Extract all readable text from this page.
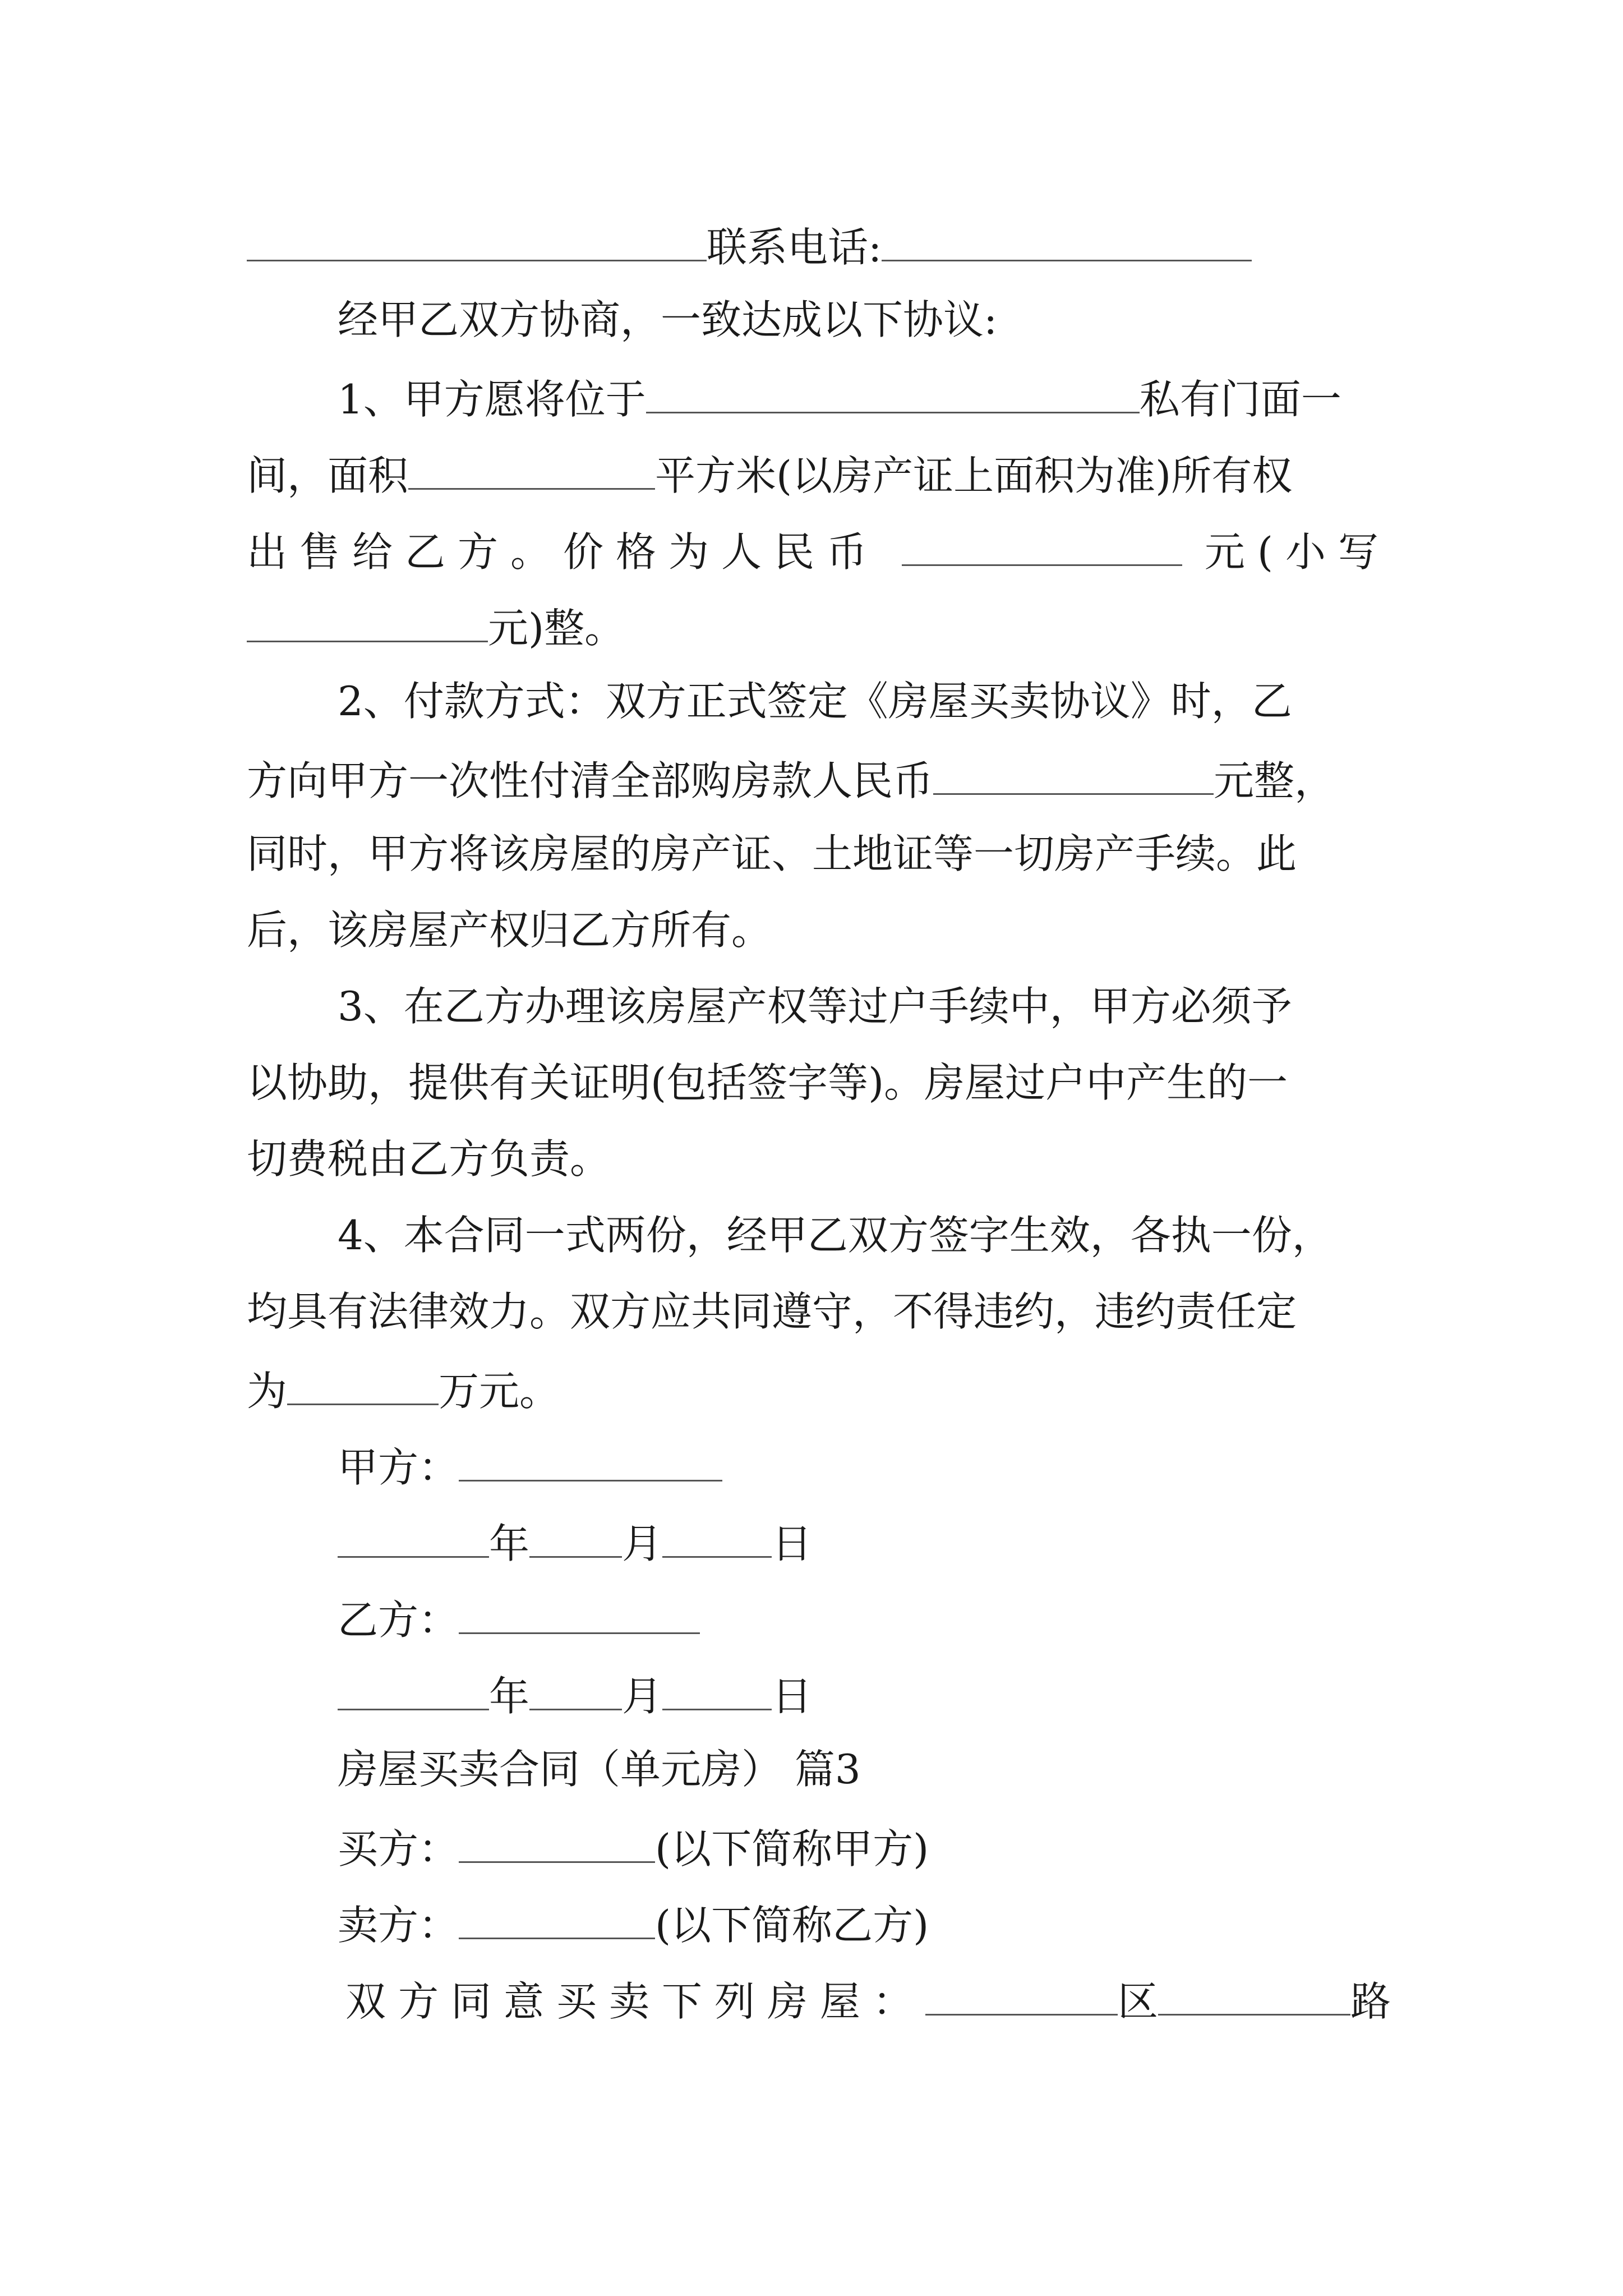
联系电话:
经甲乙双方协商，一致达成以下协议:
1、甲方愿将位于	私有门面一
间，面积	平方米(以房产证上面积为准)所有权
出售给乙方。价格为人民币	元(小写
元)整。
2、付款方式：双方正式签定《房屋买卖协议》时，乙
方向甲方一次性付清全部购房款人民币	元整，
同时，甲方将该房屋的房产证、土地证等一切房产手续。此
后，该房屋产权归乙方所有。
3、在乙方办理该房屋产权等过户手续中，甲方必须予
以协助，提供有关证明(包括签字等)。房屋过户中产生的一
切费税由乙方负责。
4、本合同一式两份，经甲乙双方签字生效，各执一份，
均具有法律效力。双方应共同遵守，不得违约，违约责任定
为	万元。
甲方：
年 月	日
乙方：
年 月	日
房屋买卖合同（单元房） 篇3
买方：	(以下简称甲方)
卖方：	(以下简称乙方)
双方同意买卖下列房屋：	区	路
